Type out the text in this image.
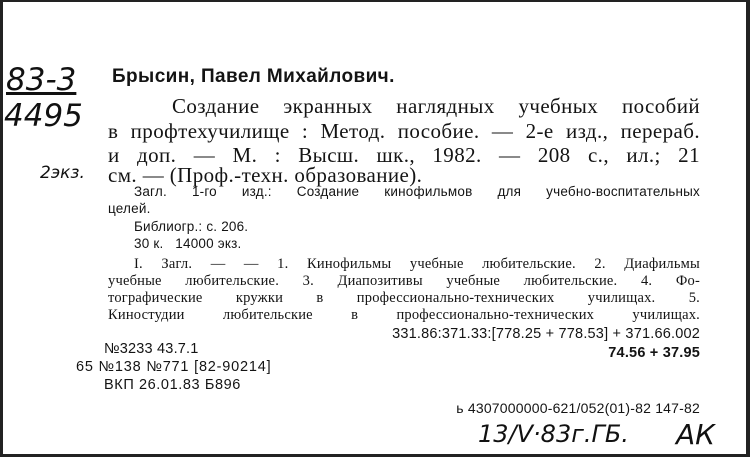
83-3
4495
2экз.
13/V·83г.ГБ. АК
Брысин, Павел Михайлович.
Создание экранных наглядных учебных пособий
в профтехучилище : Метод. пособие. — 2-е изд., перераб.
и доп. — М. : Высш. шк., 1982. — 208 с., ил.; 21
см. — (Проф.-техн. образование).
Загл. 1-го изд.: Создание кинофильмов для учебно-воспитательных
целей.
Библиогр.: с. 206.
30 к.   14000 экз.
I. Загл. — — 1. Кинофильмы учебные любительские. 2. Диафильмы
учебные любительские. 3. Диапозитивы учебные любительские. 4. Фо-
тографические кружки в профессионально-технических училищах. 5.
Киностудии любительские в профессионально-технических училищах.
331.86:371.33:[778.25 + 778.53] + 371.66.002
74.56 + 37.95
№3233 43.7.1
65 №138 №771 [82-90214]
ВКП 26.01.83 Б896
ь 4307000000-621/052(01)-82 147-82
